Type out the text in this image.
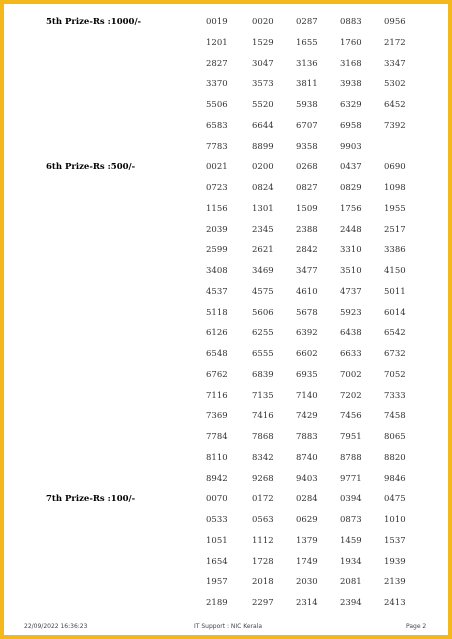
5th Prize-Rs :1000/-	0019	0020	0287	0883	0956
1201	1529	1655	1760	2172
2827	3047	3136	3168	3347
3370	3573	3811	3938	5302
5506	5520	5938	6329	6452
6583	6644	6707	6958	7392
7783	8899	9358	9903
6th Prize-Rs :500/-	0021	0200	0268	0437	0690
0723	0824	0827	0829	1098
1156	1301	1509	1756	1955
2039	2345	2388	2448	2517
2599	2621	2842	3310	3386
3408	3469	3477	3510	4150
4537	4575	4610	4737	5011
5118	5606	5678	5923	6014
6126	6255	6392	6438	6542
6548	6555	6602	6633	6732
6762	6839	6935	7002	7052
7116	7135	7140	7202	7333
7369	7416	7429	7456	7458
7784	7868	7883	7951	8065
8110	8342	8740	8788	8820
8942	9268	9403	9771	9846
7th Prize-Rs :100/-	0070	0172	0284	0394	0475
0533	0563	0629	0873	1010
1051	1112	1379	1459	1537
1654	1728	1749	1934	1939
1957	2018	2030	2081	2139
2189	2297	2314	2394	2413
22/09/2022 16:36:23	IT Support : NIC Kerala	Page 2
